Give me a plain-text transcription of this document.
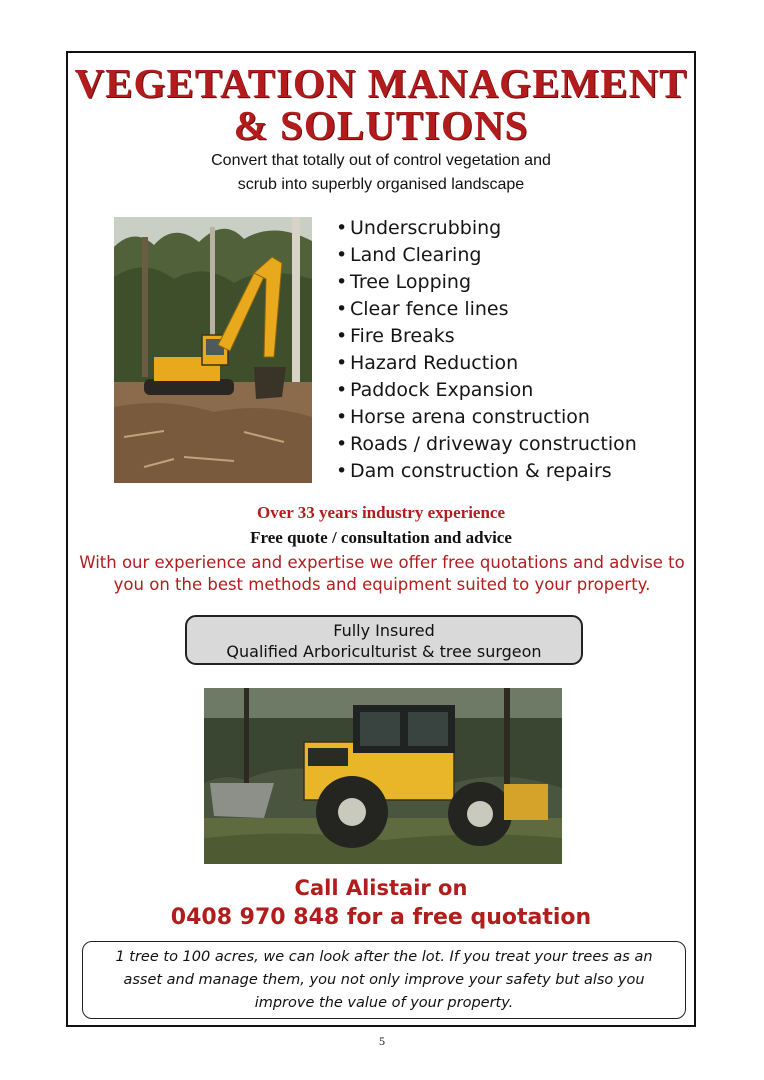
VEGETATION MANAGEMENT
& SOLUTIONS
Convert that totally out of control vegetation and
scrub into superbly organised landscape
• Underscrubbing
• Land Clearing
• Tree Lopping
• Clear fence lines
• Fire Breaks
• Hazard Reduction
• Paddock Expansion
• Horse arena construction
• Roads / driveway construction
• Dam construction & repairs
Over 33 years industry experience
Free quote / consultation and advice
With our experience and expertise we offer free quotations and advise to
you on the best methods and equipment suited to your property.
Fully Insured
Qualified Arboriculturist & tree surgeon
Call Alistair on
0408 970 848 for a free quotation
1 tree to 100 acres, we can look after the lot. If you treat your trees as an
asset and manage them, you not only improve your safety but also you
improve the value of your property.
5
